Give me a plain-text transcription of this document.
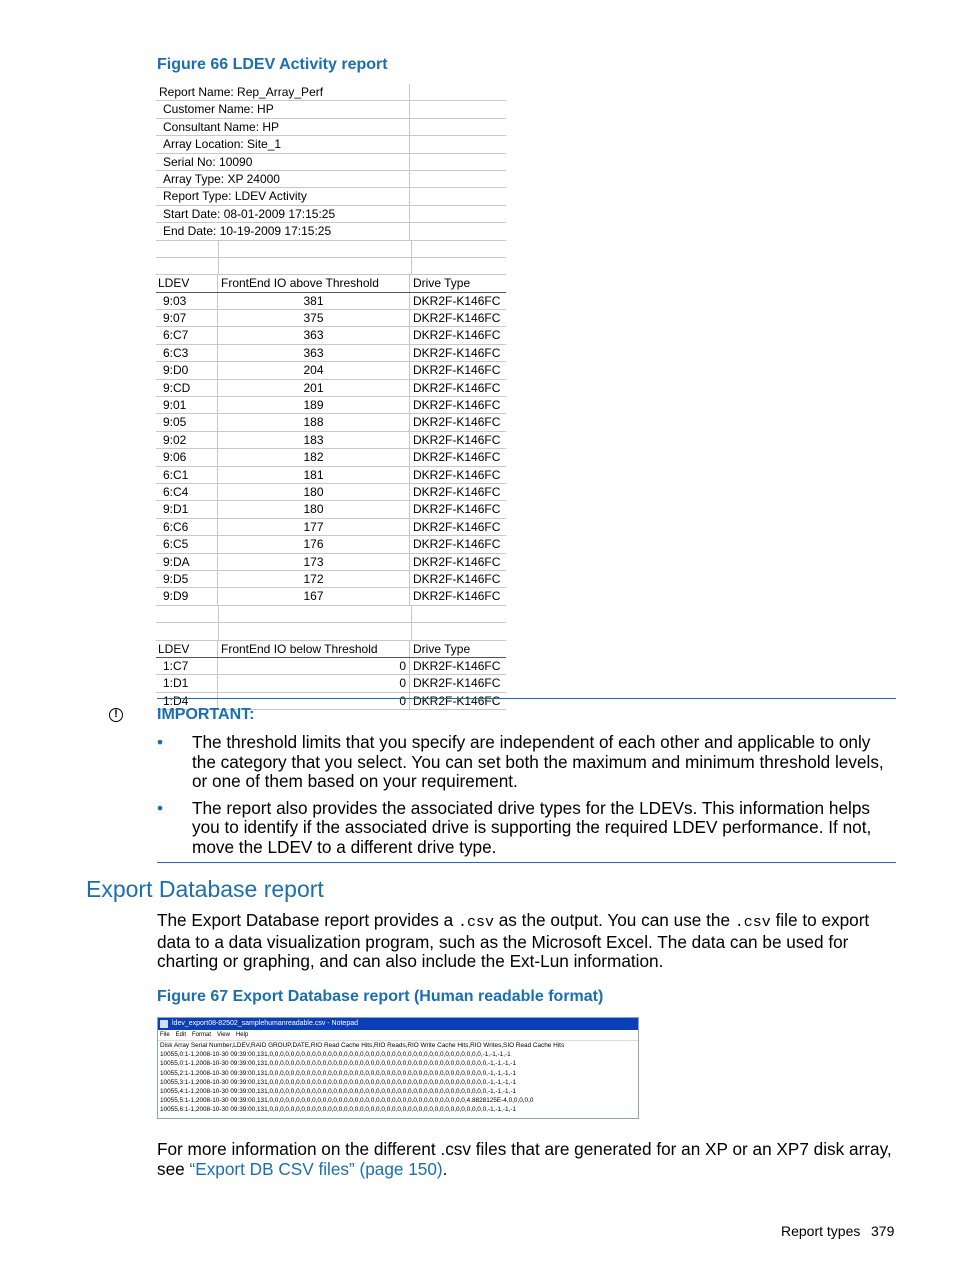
Figure 66 LDEV Activity report
Report Name: Rep_Array_Perf
Customer Name: HP
Consultant Name: HP
Array Location: Site_1
Serial No: 10090
Array Type: XP 24000
Report Type: LDEV Activity
Start Date: 08-01-2009 17:15:25
End Date: 10-19-2009 17:15:25
LDEV	FrontEnd IO above Threshold	Drive Type
9:03	381	DKR2F-K146FC
9:07	375	DKR2F-K146FC
6:C7	363	DKR2F-K146FC
6:C3	363	DKR2F-K146FC
9:D0	204	DKR2F-K146FC
9:CD	201	DKR2F-K146FC
9:01	189	DKR2F-K146FC
9:05	188	DKR2F-K146FC
9:02	183	DKR2F-K146FC
9:06	182	DKR2F-K146FC
6:C1	181	DKR2F-K146FC
6:C4	180	DKR2F-K146FC
9:D1	180	DKR2F-K146FC
6:C6	177	DKR2F-K146FC
6:C5	176	DKR2F-K146FC
9:DA	173	DKR2F-K146FC
9:D5	172	DKR2F-K146FC
9:D9	167	DKR2F-K146FC
LDEV	FrontEnd IO below Threshold	Drive Type
1:C7	0 DKR2F-K146FC
1:D1	0 DKR2F-K146FC
1:D4	0 DKR2F-K146FC
!	IMPORTANT:
• The threshold limits that you specify are independent of each other and applicable to only the category that you select. You can set both the maximum and minimum threshold levels, or one of them based on your requirement.
• The report also provides the associated drive types for the LDEVs. This information helps you to identify if the associated drive is supporting the required LDEV performance. If not, move the LDEV to a different drive type.
Export Database report
The Export Database report provides a .csv as the output. You can use the .csv file to export data to a data visualization program, such as the Microsoft Excel. The data can be used for charting or graphing, and can also include the Ext-Lun information.
Figure 67 Export Database report (Human readable format)
ldev_export08-82502_samplehumanreadable.csv - Notepad
File Edit Format View Help
Disk Array Serial Number,LDEV,RAID GROUP,DATE,RIO Read Cache Hits,RIO Reads,RIO Write Cache Hits,RIO Writes,SIO Read Cache Hits
10055,0:1-1,2008-10-30 09:39:00,131,0,0,0,0,0,0,0,0,0,0,0,0,0,0,0,0,0,0,0,0,0,0,0,0,0,0,0,0,0,0,0,0,0,0,0,0,0,0,0,0,-1,-1,-1,-1
10055,0:1-1,2008-10-30 09:39:00,131,0,0,0,0,0,0,0,0,0,0,0,0,0,0,0,0,0,0,0,0,0,0,0,0,0,0,0,0,0,0,0,0,0,0,0,0,0,0,0,0,0,-1,-1,-1,-1
10055,2:1-1,2008-10-30 09:39:00,131,0,0,0,0,0,0,0,0,0,0,0,0,0,0,0,0,0,0,0,0,0,0,0,0,0,0,0,0,0,0,0,0,0,0,0,0,0,0,0,0,0,-1,-1,-1,-1
10055,3:1-1,2008-10-30 09:39:00,131,0,0,0,0,0,0,0,0,0,0,0,0,0,0,0,0,0,0,0,0,0,0,0,0,0,0,0,0,0,0,0,0,0,0,0,0,0,0,0,0,0,-1,-1,-1,-1
10055,4:1-1,2008-10-30 09:39:00,131,0,0,0,0,0,0,0,0,0,0,0,0,0,0,0,0,0,0,0,0,0,0,0,0,0,0,0,0,0,0,0,0,0,0,0,0,0,0,0,0,0,-1,-1,-1,-1
10055,5:1-1,2008-10-30 09:39:00,131,0,0,0,0,0,0,0,0,0,0,0,0,0,0,0,0,0,0,0,0,0,0,0,0,0,0,0,0,0,0,0,0,0,0,0,0,0,4.8828125E-4,0,0,0,0,0
10055,6:1-1,2008-10-30 09:39:00,131,0,0,0,0,0,0,0,0,0,0,0,0,0,0,0,0,0,0,0,0,0,0,0,0,0,0,0,0,0,0,0,0,0,0,0,0,0,0,0,0,0,-1,-1,-1,-1
For more information on the different .csv files that are generated for an XP or an XP7 disk array, see “Export DB CSV files” (page 150).
Report types 379
